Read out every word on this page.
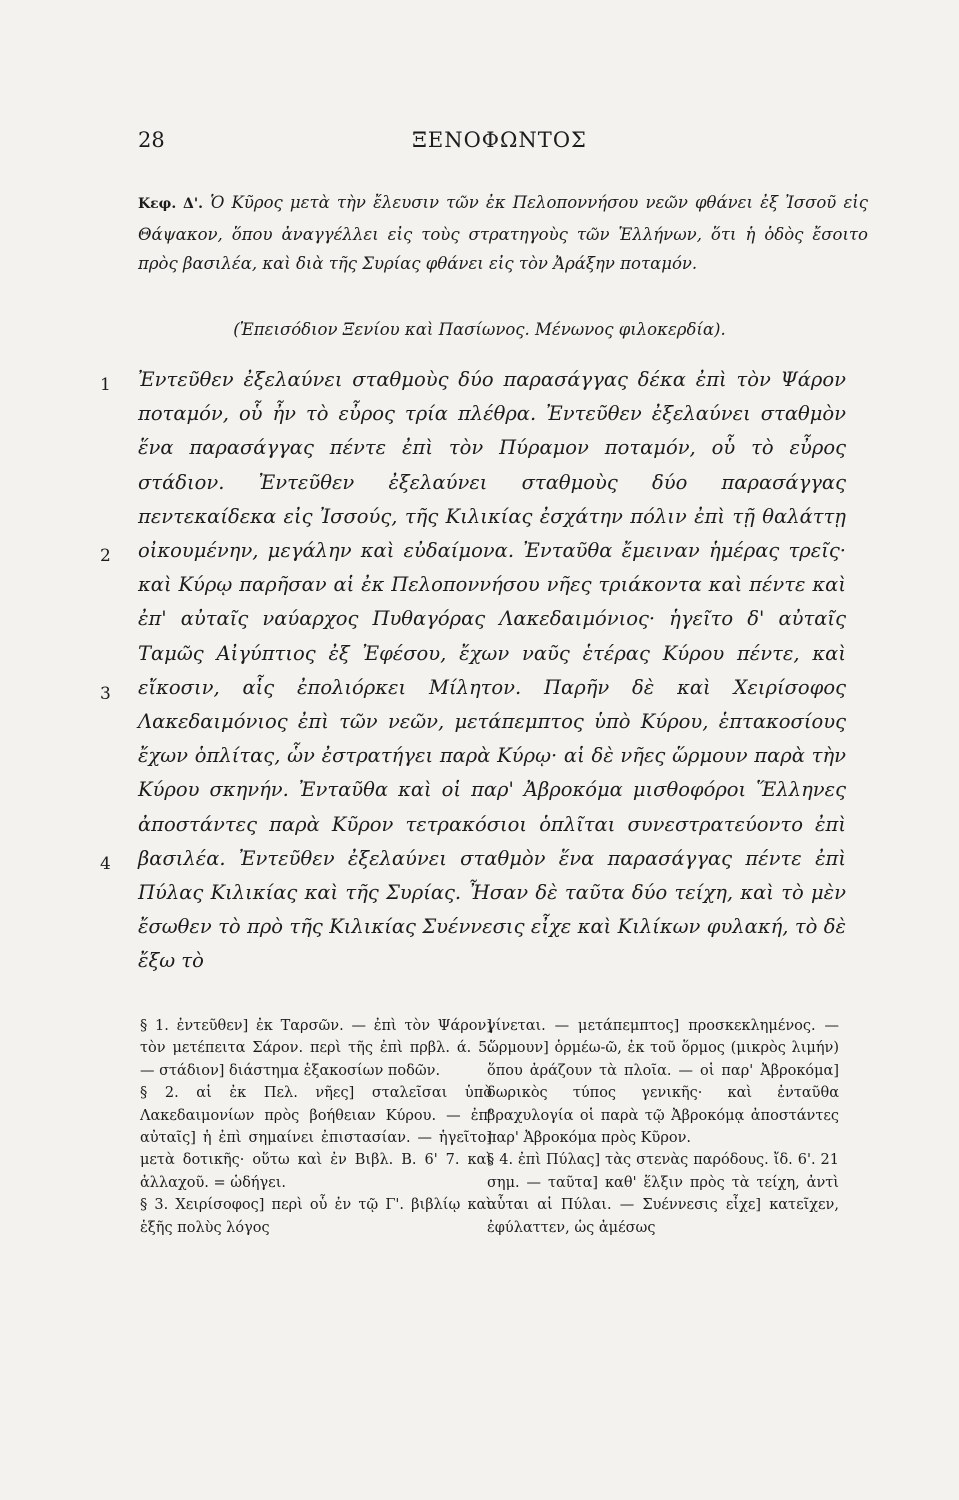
28	ΞΕΝΟΦΩΝΤΟΣ
Κεφ. Δ'. Ὁ Κῦρος μετὰ τὴν ἔλευσιν τῶν ἐκ Πελοποννήσου νεῶν φθάνει ἐξ Ἰσσοῦ εἰς Θάψακον, ὅπου ἀναγγέλλει εἰς τοὺς στρατηγοὺς τῶν Ἑλλήνων, ὅτι ἡ ὁδὸς ἔσοιτο πρὸς βασιλέα, καὶ διὰ τῆς Συρίας φθάνει εἰς τὸν Ἀράξην ποταμόν.
(Ἐπεισόδιον Ξενίου καὶ Πασίωνος. Μένωνος φιλοκερδία).
1
2
3
4
Ἐντεῦθεν ἐξελαύνει σταθμοὺς δύο παρασάγγας δέκα ἐπὶ τὸν Ψάρον ποταμόν, οὗ ἦν τὸ εὖρος τρία πλέθρα. Ἐντεῦθεν ἐξελαύνει σταθμὸν ἕνα παρασάγγας πέντε ἐπὶ τὸν Πύραμον ποταμόν, οὗ τὸ εὖρος στάδιον. Ἐντεῦθεν ἐξελαύνει σταθμοὺς δύο παρασάγγας πεντεκαίδεκα εἰς Ἰσσούς, τῆς Κιλικίας ἐσχάτην πόλιν ἐπὶ τῇ θαλάττῃ οἰκουμένην, μεγάλην καὶ εὐδαίμονα. Ἐνταῦθα ἔμειναν ἡμέρας τρεῖς· καὶ Κύρῳ παρῆσαν αἱ ἐκ Πελοποννήσου νῆες τριάκοντα καὶ πέντε καὶ ἐπ' αὐταῖς ναύαρχος Πυθαγόρας Λακεδαιμόνιος· ἡγεῖτο δ' αὐταῖς Ταμῶς Αἰγύπτιος ἐξ Ἐφέσου, ἔχων ναῦς ἑτέρας Κύρου πέντε, καὶ εἴκοσιν, αἷς ἐπολιόρκει Μίλητον. Παρῆν δὲ καὶ Χειρίσοφος Λακεδαιμόνιος ἐπὶ τῶν νεῶν, μετάπεμπτος ὑπὸ Κύρου, ἑπτακοσίους ἔχων ὁπλίτας, ὧν ἐστρατήγει παρὰ Κύρῳ· αἱ δὲ νῆες ὥρμουν παρὰ τὴν Κύρου σκηνήν. Ἐνταῦθα καὶ οἱ παρ' Ἀβροκόμα μισθοφόροι Ἕλληνες ἀποστάντες παρὰ Κῦρον τετρακόσιοι ὁπλῖται συνεστρατεύοντο ἐπὶ βασιλέα. Ἐντεῦθεν ἐξελαύνει σταθμὸν ἕνα παρασάγγας πέντε ἐπὶ Πύλας Κιλικίας καὶ τῆς Συρίας. Ἦσαν δὲ ταῦτα δύο τείχη, καὶ τὸ μὲν ἔσωθεν τὸ πρὸ τῆς Κιλικίας Συέννεσις εἶχε καὶ Κιλίκων φυλακή, τὸ δὲ ἔξω τὸ

§ 1. ἐντεῦθεν] ἐκ Ταρσῶν. — ἐπὶ τὸν Ψάρον] τὸν μετέπειτα Σάρον. περὶ τῆς ἐπὶ πρβλ. ά. 5. — στάδιον] διάστημα ἑξακοσίων ποδῶν.

§ 2. αἱ ἐκ Πελ. νῆες] σταλεῖσαι ὑπὸ Λακεδαιμονίων πρὸς βοήθειαν Κύρου. — ἐπ' αὐταῖς] ἡ ἐπὶ σημαίνει ἐπιστασίαν. — ἡγεῖτο] μετὰ δοτικῆς· οὕτω καὶ ἐν Βιβλ. Β. 6' 7. καὶ ἀλλαχοῦ. = ὡδήγει.

§ 3. Χειρίσοφος] περὶ οὗ ἐν τῷ Γ'. βιβλίῳ καὶ ἑξῆς πολὺς λόγος

γίνεται. — μετάπεμπτος] προσκεκλημένος. — ὥρμουν] ὁρμέω-ῶ, ἐκ τοῦ ὅρμος (μικρὸς λιμήν) ὅπου ἀράζουν τὰ πλοῖα. — οἱ παρ' Ἀβροκόμα] δωρικὸς τύπος γενικῆς· καὶ ἐνταῦθα βραχυλογία οἱ παρὰ τῷ Ἀβροκόμᾳ ἀποστάντες παρ' Ἀβροκόμα πρὸς Κῦρον.

§ 4. ἐπὶ Πύλας] τὰς στενὰς παρόδους. ἴδ. 6'. 21 σημ. — ταῦτα] καθ' ἕλξιν πρὸς τὰ τείχη, ἀντὶ αὗται αἱ Πύλαι. — Συέννεσις εἶχε] κατεῖχεν, ἐφύλαττεν, ὡς ἀμέσως
